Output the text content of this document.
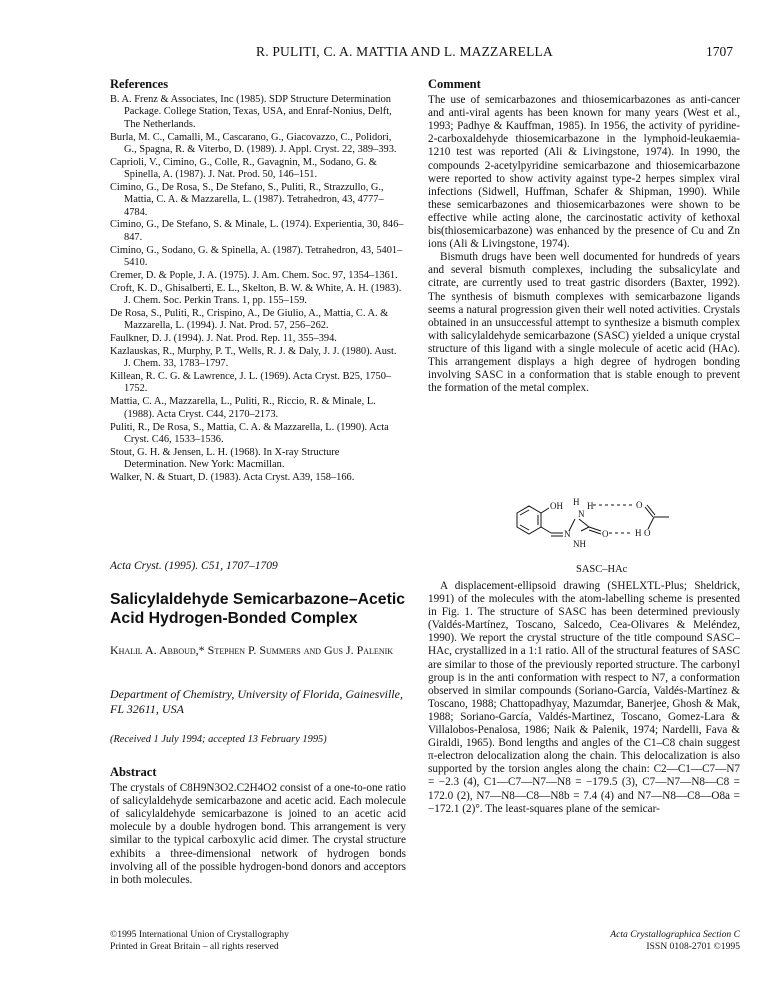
R. PULITI, C. A. MATTIA AND L. MAZZARELLA	1707
References
B. A. Frenz & Associates, Inc (1985). SDP Structure Determination Package. College Station, Texas, USA, and Enraf-Nonius, Delft, The Netherlands.
Burla, M. C., Camalli, M., Cascarano, G., Giacovazzo, C., Polidori, G., Spagna, R. & Viterbo, D. (1989). J. Appl. Cryst. 22, 389–393.
Caprioli, V., Cimino, G., Colle, R., Gavagnin, M., Sodano, G. & Spinella, A. (1987). J. Nat. Prod. 50, 146–151.
Cimino, G., De Rosa, S., De Stefano, S., Puliti, R., Strazzullo, G., Mattia, C. A. & Mazzarella, L. (1987). Tetrahedron, 43, 4777–4784.
Cimino, G., De Stefano, S. & Minale, L. (1974). Experientia, 30, 846–847.
Cimino, G., Sodano, G. & Spinella, A. (1987). Tetrahedron, 43, 5401–5410.
Cremer, D. & Pople, J. A. (1975). J. Am. Chem. Soc. 97, 1354–1361.
Croft, K. D., Ghisalberti, E. L., Skelton, B. W. & White, A. H. (1983). J. Chem. Soc. Perkin Trans. 1, pp. 155–159.
De Rosa, S., Puliti, R., Crispino, A., De Giulio, A., Mattia, C. A. & Mazzarella, L. (1994). J. Nat. Prod. 57, 256–262.
Faulkner, D. J. (1994). J. Nat. Prod. Rep. 11, 355–394.
Kazlauskas, R., Murphy, P. T., Wells, R. J. & Daly, J. J. (1980). Aust. J. Chem. 33, 1783–1797.
Killean, R. C. G. & Lawrence, J. L. (1969). Acta Cryst. B25, 1750–1752.
Mattia, C. A., Mazzarella, L., Puliti, R., Riccio, R. & Minale, L. (1988). Acta Cryst. C44, 2170–2173.
Puliti, R., De Rosa, S., Mattia, C. A. & Mazzarella, L. (1990). Acta Cryst. C46, 1533–1536.
Stout, G. H. & Jensen, L. H. (1968). In X-ray Structure Determination. New York: Macmillan.
Walker, N. & Stuart, D. (1983). Acta Cryst. A39, 158–166.
Acta Cryst. (1995). C51, 1707–1709
Salicylaldehyde Semicarbazone–Acetic Acid Hydrogen-Bonded Complex
Khalil A. Abboud,* Stephen P. Summers and Gus J. Palenik
Department of Chemistry, University of Florida, Gainesville, FL 32611, USA
(Received 1 July 1994; accepted 13 February 1995)
Abstract
The crystals of C8H9N3O2.C2H4O2 consist of a one-to-one ratio of salicylaldehyde semicarbazone and acetic acid. Each molecule of salicylaldehyde semicarbazone is joined to an acetic acid molecule by a double hydrogen bond. This arrangement is very similar to the typical carboxylic acid dimer. The crystal structure exhibits a three-dimensional network of hydrogen bonds involving all of the possible hydrogen-bond donors and acceptors in both molecules.
Comment
The use of semicarbazones and thiosemicarbazones as anti-cancer and anti-viral agents has been known for many years (West et al., 1993; Padhye & Kauffman, 1985). In 1956, the activity of pyridine-2-carboxaldehyde thiosemicarbazone in the lymphoid-leukaemia-1210 test was reported (Ali & Livingstone, 1974). In 1990, the compounds 2-acetylpyridine semicarbazone and thiosemicarbazone were reported to show activity against type-2 herpes simplex viral infections (Sidwell, Huffman, Schafer & Shipman, 1990). While these semicarbazones and thiosemicarbazones were shown to be effective while acting alone, the carcinostatic activity of kethoxal bis(thiosemicarbazone) was enhanced by the presence of Cu and Zn ions (Ali & Livingstone, 1974).
Bismuth drugs have been well documented for hundreds of years and several bismuth complexes, including the subsalicylate and citrate, are currently used to treat gastric disorders (Baxter, 1992). The synthesis of bismuth complexes with semicarbazone ligands seems a natural progression given their well noted activities. Crystals obtained in an unsuccessful attempt to synthesize a bismuth complex with salicylaldehyde semicarbazone (SASC) yielded a unique crystal structure of this ligand with a single molecule of acetic acid (HAc). This arrangement displays a high degree of hydrogen bonding involving SASC in a conformation that is stable enough to prevent the formation of the metal complex.
OH H
N
H	O
N
NH
O	H O
SASC–HAc
A displacement-ellipsoid drawing (SHELXTL-Plus; Sheldrick, 1991) of the molecules with the atom-labelling scheme is presented in Fig. 1. The structure of SASC has been determined previously (Valdés-Martínez, Toscano, Salcedo, Cea-Olivares & Meléndez, 1990). We report the crystal structure of the title compound SASC–HAc, crystallized in a 1:1 ratio. All of the structural features of SASC are similar to those of the previously reported structure. The carbonyl group is in the anti conformation with respect to N7, a conformation observed in similar compounds (Soriano-García, Valdés-Martínez & Toscano, 1988; Chattopadhyay, Mazumdar, Banerjee, Ghosh & Mak, 1988; Soriano-García, Valdés-Martinez, Toscano, Gomez-Lara & Villalobos-Penalosa, 1986; Naik & Palenik, 1974; Nardelli, Fava & Giraldi, 1965). Bond lengths and angles of the C1–C8 chain suggest π-electron delocalization along the chain. This delocalization is also supported by the torsion angles along the chain: C2—C1—C7—N7 = −2.3 (4), C1—C7—N7—N8 = −179.5 (3), C7—N7—N8—C8 = 172.0 (2), N7—N8—C8—N8b = 7.4 (4) and N7—N8—C8—O8a = −172.1 (2)°. The least-squares plane of the semicar-
©1995 International Union of Crystallography
Printed in Great Britain – all rights reserved
Acta Crystallographica Section C
ISSN 0108-2701 ©1995
